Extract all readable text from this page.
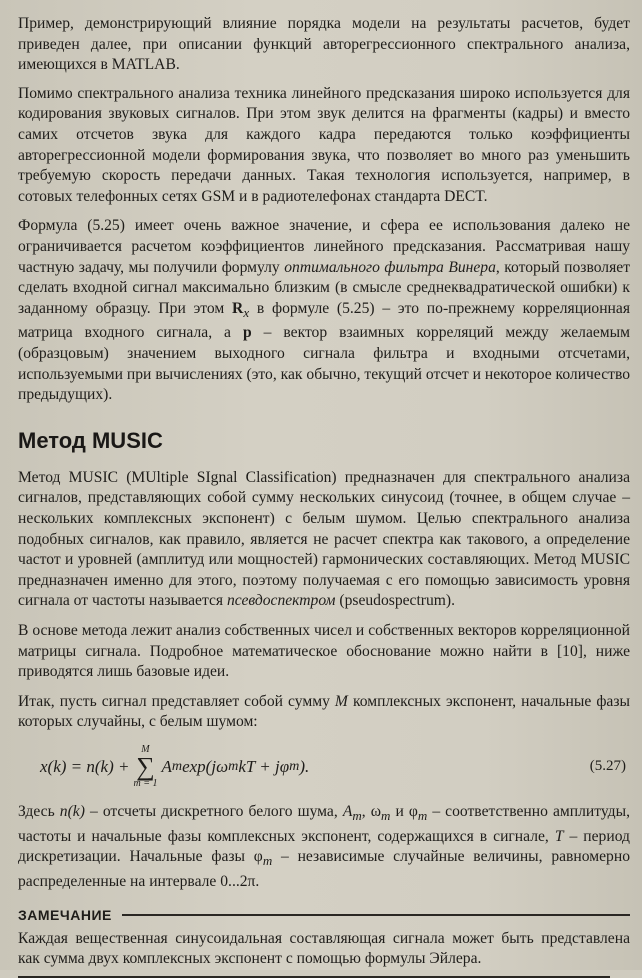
Пример, демонстрирующий влияние порядка модели на результаты расчетов, будет приведен далее, при описании функций авторегрессионного спектрального анализа, имеющихся в MATLAB.

Помимо спектрального анализа техника линейного предсказания широко используется для кодирования звуковых сигналов. При этом звук делится на фрагменты (кадры) и вместо самих отсчетов звука для каждого кадра передаются только коэффициенты авторегрессионной модели формирования звука, что позволяет во много раз уменьшить требуемую скорость передачи данных. Такая технология используется, например, в сотовых телефонных сетях GSM и в радиотелефонах стандарта DECT.

Формула (5.25) имеет очень важное значение, и сфера ее использования далеко не ограничивается расчетом коэффициентов линейного предсказания. Рассматривая нашу частную задачу, мы получили формулу оптимального фильтра Винера, который позволяет сделать входной сигнал максимально близким (в смысле среднеквадратической ошибки) к заданному образцу. При этом $R_x$ в формуле (5.25) – это по-прежнему корреляционная матрица входного сигнала, а p – вектор взаимных корреляций между желаемым (образцовым) значением выходного сигнала фильтра и входными отсчетами, используемыми при вычислениях (это, как обычно, текущий отсчет и некоторое количество предыдущих).

Метод MUSIC

Метод MUSIC (MUltiple SIgnal Classification) предназначен для спектрального анализа сигналов, представляющих собой сумму нескольких синусоид (точнее, в общем случае – нескольких комплексных экспонент) с белым шумом. Целью спектрального анализа подобных сигналов, как правило, является не расчет спектра как такового, а определение частот и уровней (амплитуд или мощностей) гармонических составляющих. Метод MUSIC предназначен именно для этого, поэтому получаемая с его помощью зависимость уровня сигнала от частоты называется псевдоспектром (pseudospectrum).

В основе метода лежит анализ собственных чисел и собственных векторов корреляционной матрицы сигнала. Подробное математическое обоснование можно найти в [10], ниже приводятся лишь базовые идеи.

Итак, пусть сигнал представляет собой сумму M комплексных экспонент, начальные фазы которых случайны, с белым шумом:

x(k) = n(k) +
M
∑
m = 1
A m exp(jω m kT + jφ m ).	(5.27)

Здесь n(k) – отсчеты дискретного белого шума, $A_m$, $\omega_m$ и $\varphi_m$ – соответственно амплитуды, частоты и начальные фазы комплексных экспонент, содержащихся в сигнале, T – период дискретизации. Начальные фазы $\varphi_m$ – независимые случайные величины, равномерно распределенные на интервале 0...2π.

ЗАМЕЧАНИЕ

Каждая вещественная синусоидальная составляющая сигнала может быть представлена как сумма двух комплексных экспонент с помощью формулы Эйлера.
